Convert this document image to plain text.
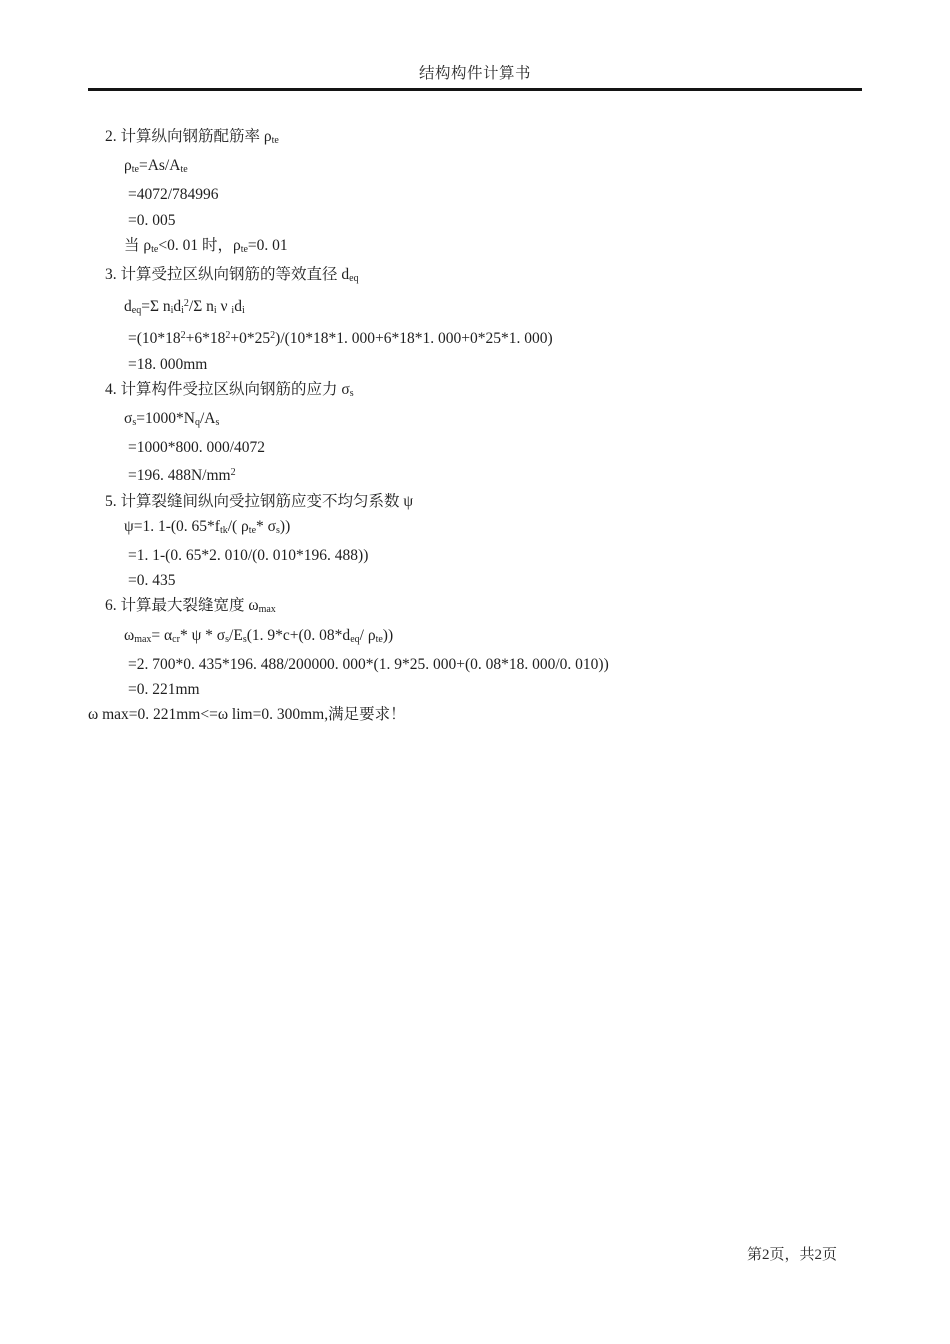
结构构件计算书
2. 计算纵向钢筋配筋率 ρte
ρte=As/Ate
=4072/784996
=0. 005
当 ρte<0. 01 时，ρte=0. 01
3. 计算受拉区纵向钢筋的等效直径 deq
deq=Σ nidi$^2$/Σ ni ν idi
$=(10*18^2+6*18^2+0*25^2)/(10*18*1$. 000+6*18*1. 000+0*25*1. 000)
=18. 000mm
4. 计算构件受拉区纵向钢筋的应力 σs
σs=1000*Nq/As
=1000*800. 000/4072
=196. $488N/mm^2$
5. 计算裂缝间纵向受拉钢筋应变不均匀系数 ψ
ψ=1. 1-(0. 65*ftk/( ρte* σs))
=1. 1-(0. 65*2. 010/(0. 010*196. 488))
=0. 435
6. 计算最大裂缝宽度 ωmax
ωmax= αcr* ψ * σs/Es(1. 9*c+(0. 08*deq/ ρte))
=2. 700*0. 435*196. 488/200000. 000*(1. 9*25. 000+(0. 08*18. 000/0. 010))
=0. 221mm
ω max=0. 221mm<=ω lim=0. 300mm,满足要求！
第2页，共2页
